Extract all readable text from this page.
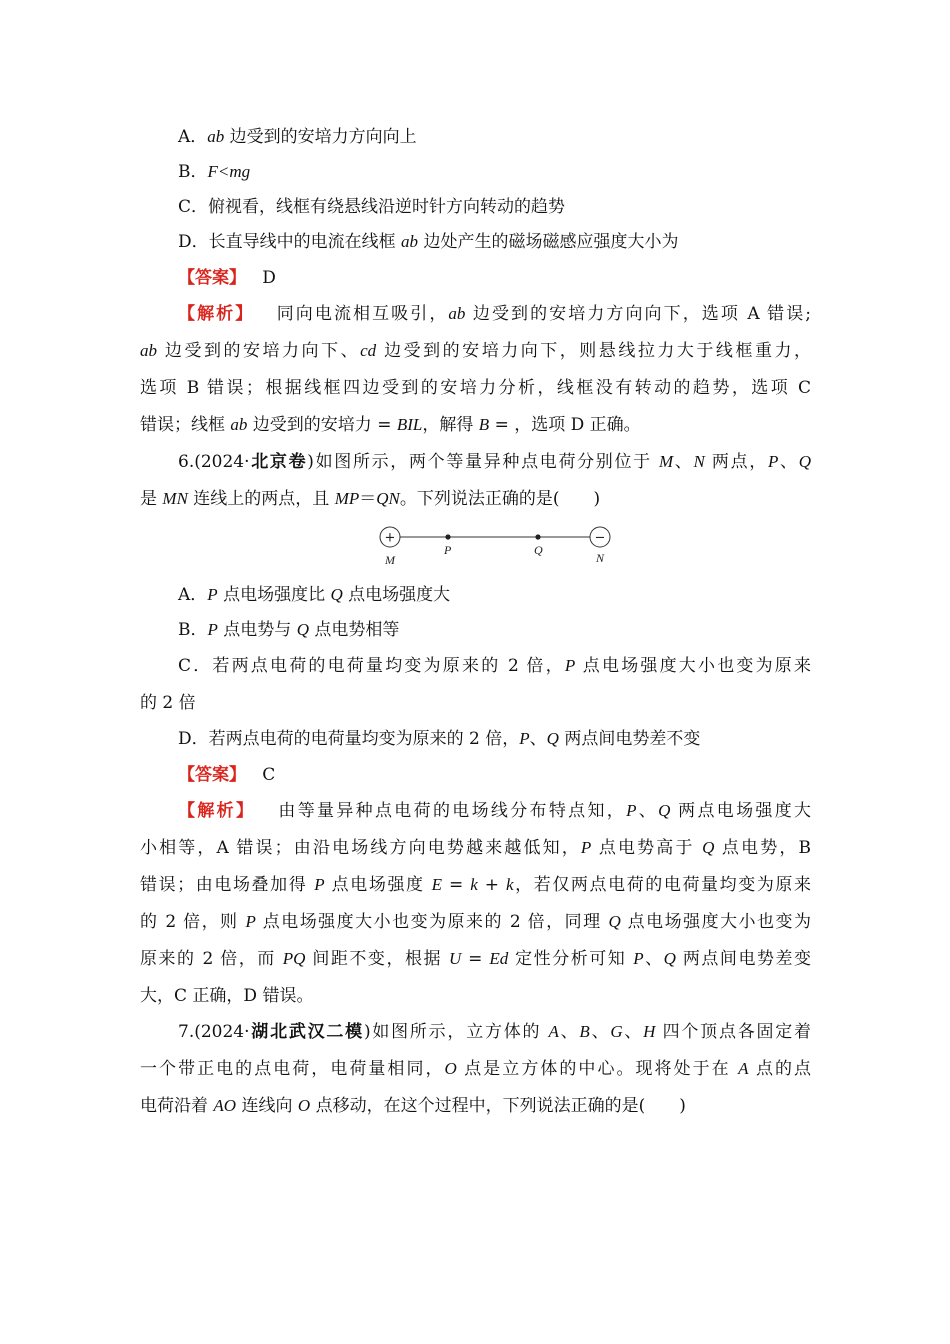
A．ab 边受到的安培力方向向上
B．F<mg
C．俯视看，线框有绕悬线沿逆时针方向转动的趋势
D．长直导线中的电流在线框 ab 边处产生的磁场磁感应强度大小为
【答案】 D
【解析】 同向电流相互吸引，ab 边受到的安培力方向向下，选项 A 错误;
ab 边受到的安培力向下、cd 边受到的安培力向下，则悬线拉力大于线框重力，
选项 B 错误；根据线框四边受到的安培力分析，线框没有转动的趋势，选项 C
错误；线框 ab 边受到的安培力 = BIL，解得 B = ，选项 D 正确。
6.(2024·北京卷)如图所示，两个等量异种点电荷分别位于 M、N 两点，P、Q
是 MN 连线上的两点，且 MP＝QN。下列说法正确的是(　　)
+	−
M
P	Q
N
A．P 点电场强度比 Q 点电场强度大
B．P 点电势与 Q 点电势相等
C．若两点电荷的电荷量均变为原来的 2 倍，P 点电场强度大小也变为原来
的 2 倍
D．若两点电荷的电荷量均变为原来的 2 倍，P、Q 两点间电势差不变
【答案】 C
【解析】 由等量异种点电荷的电场线分布特点知，P、Q 两点电场强度大
小相等，A 错误；由沿电场线方向电势越来越低知，P 点电势高于 Q 点电势，B
错误；由电场叠加得 P 点电场强度 E = k + k，若仅两点电荷的电荷量均变为原来
的 2 倍，则 P 点电场强度大小也变为原来的 2 倍，同理 Q 点电场强度大小也变为
原来的 2 倍，而 PQ 间距不变，根据 U = Ed 定性分析可知 P、Q 两点间电势差变
大，C 正确，D 错误。
7.(2024·湖北武汉二模)如图所示，立方体的 A、B、G、H 四个顶点各固定着
一个带正电的点电荷，电荷量相同，O 点是立方体的中心。现将处于在 A 点的点
电荷沿着 AO 连线向 O 点移动，在这个过程中，下列说法正确的是(　　)
